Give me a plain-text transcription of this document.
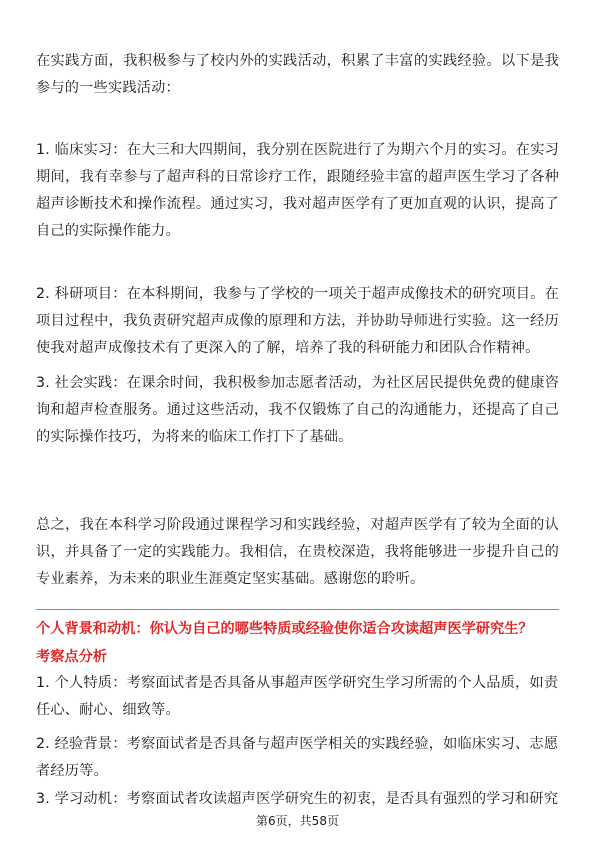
在实践方面，我积极参与了校内外的实践活动，积累了丰富的实践经验。以下是我参与的一些实践活动：

1. 临床实习：在大三和大四期间，我分别在医院进行了为期六个月的实习。在实习期间，我有幸参与了超声科的日常诊疗工作，跟随经验丰富的超声医生学习了各种超声诊断技术和操作流程。通过实习，我对超声医学有了更加直观的认识，提高了自己的实际操作能力。

2. 科研项目：在本科期间，我参与了学校的一项关于超声成像技术的研究项目。在项目过程中，我负责研究超声成像的原理和方法，并协助导师进行实验。这一经历使我对超声成像技术有了更深入的了解，培养了我的科研能力和团队合作精神。

3. 社会实践：在课余时间，我积极参加志愿者活动，为社区居民提供免费的健康咨询和超声检查服务。通过这些活动，我不仅锻炼了自己的沟通能力，还提高了自己的实际操作技巧，为将来的临床工作打下了基础。

总之，我在本科学习阶段通过课程学习和实践经验，对超声医学有了较为全面的认识，并具备了一定的实践能力。我相信，在贵校深造，我将能够进一步提升自己的专业素养，为未来的职业生涯奠定坚实基础。感谢您的聆听。

个人背景和动机：你认为自己的哪些特质或经验使你适合攻读超声医学研究生？

考察点分析

1. 个人特质：考察面试者是否具备从事超声医学研究生学习所需的个人品质，如责任心、耐心、细致等。

2. 经验背景：考察面试者是否具备与超声医学相关的实践经验，如临床实习、志愿者经历等。

3. 学习动机：考察面试者攻读超声医学研究生的初衷，是否具有强烈的学习和研究

第6页，共58页
